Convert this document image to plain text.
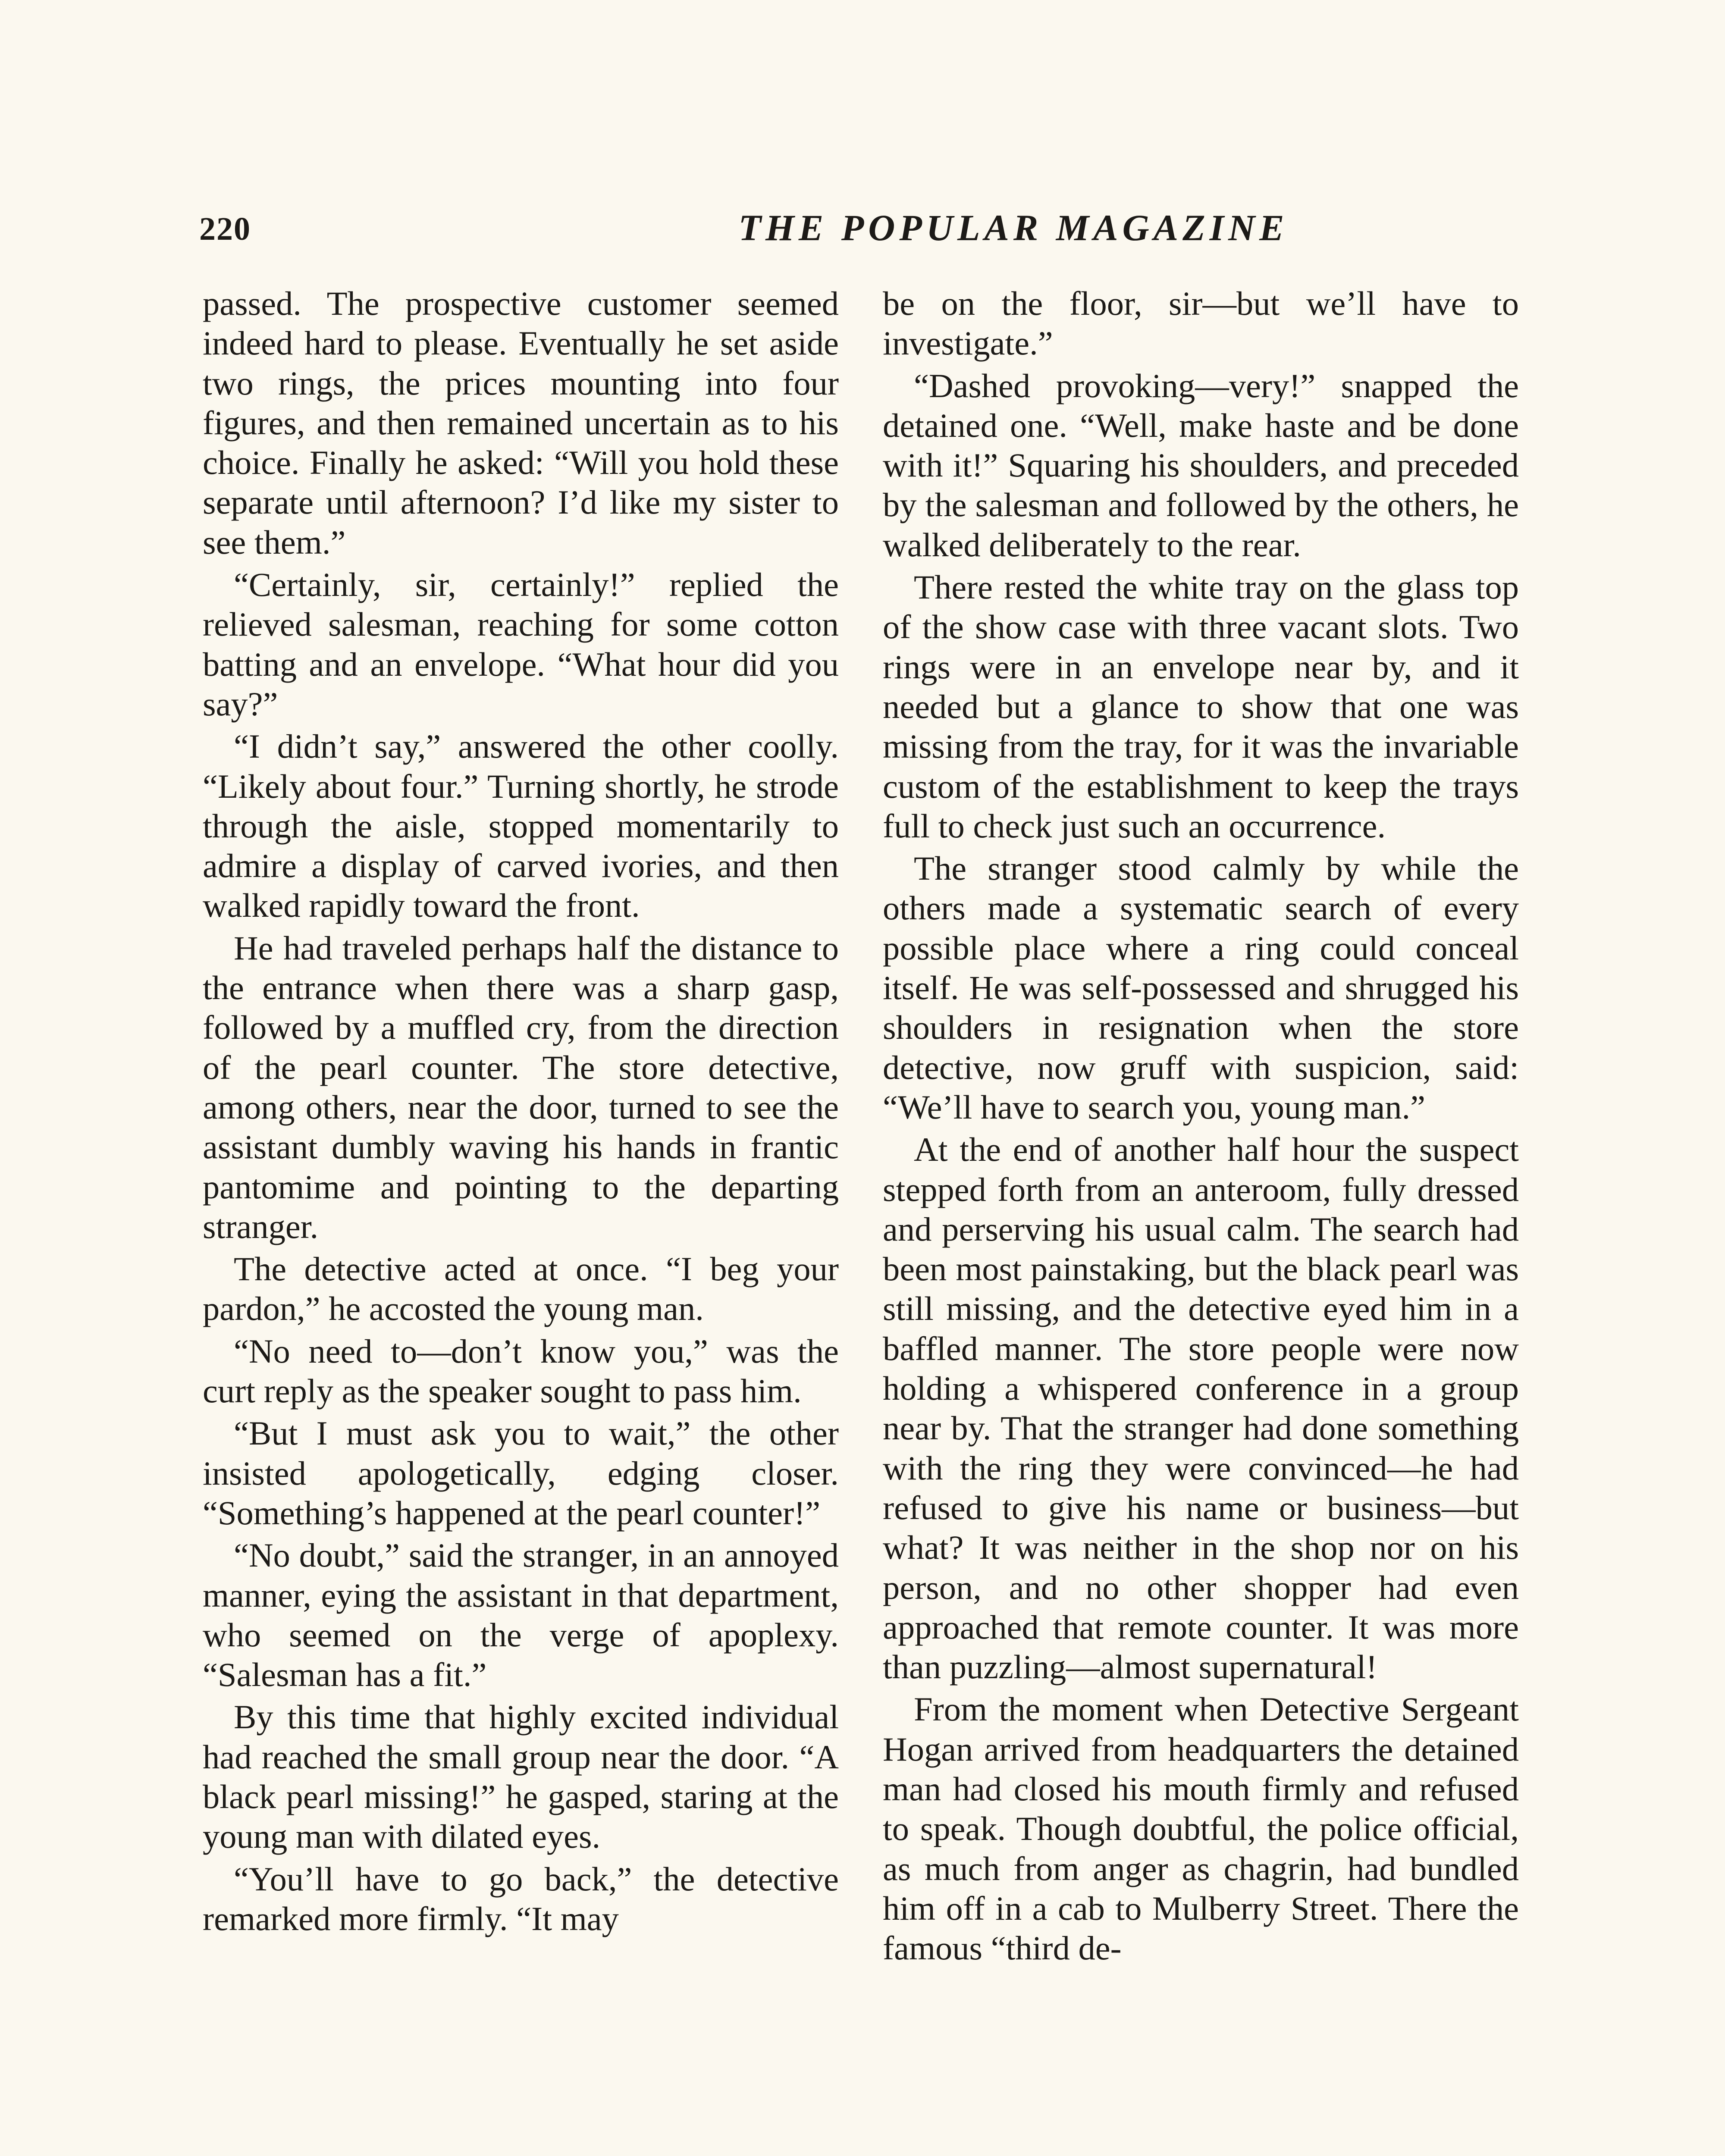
220	THE POPULAR MAGAZINE

passed. The prospective customer seemed indeed hard to please. Eventually he set aside two rings, the prices mounting into four figures, and then remained uncertain as to his choice. Finally he asked: “Will you hold these separate until afternoon? I’d like my sister to see them.”

“Certainly, sir, certainly!” replied the relieved salesman, reaching for some cotton batting and an envelope. “What hour did you say?”

“I didn’t say,” answered the other coolly. “Likely about four.” Turning shortly, he strode through the aisle, stopped momentarily to admire a display of carved ivories, and then walked rapidly toward the front.

He had traveled perhaps half the distance to the entrance when there was a sharp gasp, followed by a muffled cry, from the direction of the pearl counter. The store detective, among others, near the door, turned to see the assistant dumbly waving his hands in frantic pantomime and pointing to the departing stranger.

The detective acted at once. “I beg your pardon,” he accosted the young man.

“No need to—don’t know you,” was the curt reply as the speaker sought to pass him.

“But I must ask you to wait,” the other insisted apologetically, edging closer. “Something’s happened at the pearl counter!”

“No doubt,” said the stranger, in an annoyed manner, eying the assistant in that department, who seemed on the verge of apoplexy. “Salesman has a fit.”

By this time that highly excited individual had reached the small group near the door. “A black pearl missing!” he gasped, staring at the young man with dilated eyes.

“You’ll have to go back,” the detective remarked more firmly. “It may

be on the floor, sir—but we’ll have to investigate.”

“Dashed provoking—very!” snapped the detained one. “Well, make haste and be done with it!” Squaring his shoulders, and preceded by the salesman and followed by the others, he walked deliberately to the rear.

There rested the white tray on the glass top of the show case with three vacant slots. Two rings were in an envelope near by, and it needed but a glance to show that one was missing from the tray, for it was the invariable custom of the establishment to keep the trays full to check just such an occurrence.

The stranger stood calmly by while the others made a systematic search of every possible place where a ring could conceal itself. He was self-possessed and shrugged his shoulders in resignation when the store detective, now gruff with suspicion, said: “We’ll have to search you, young man.”

At the end of another half hour the suspect stepped forth from an anteroom, fully dressed and perserving his usual calm. The search had been most painstaking, but the black pearl was still missing, and the detective eyed him in a baffled manner. The store people were now holding a whispered conference in a group near by. That the stranger had done something with the ring they were convinced—he had refused to give his name or business—but what? It was neither in the shop nor on his person, and no other shopper had even approached that remote counter. It was more than puzzling—almost supernatural!

From the moment when Detective Sergeant Hogan arrived from headquarters the detained man had closed his mouth firmly and refused to speak. Though doubtful, the police official, as much from anger as chagrin, had bundled him off in a cab to Mulberry Street. There the famous “third de-
